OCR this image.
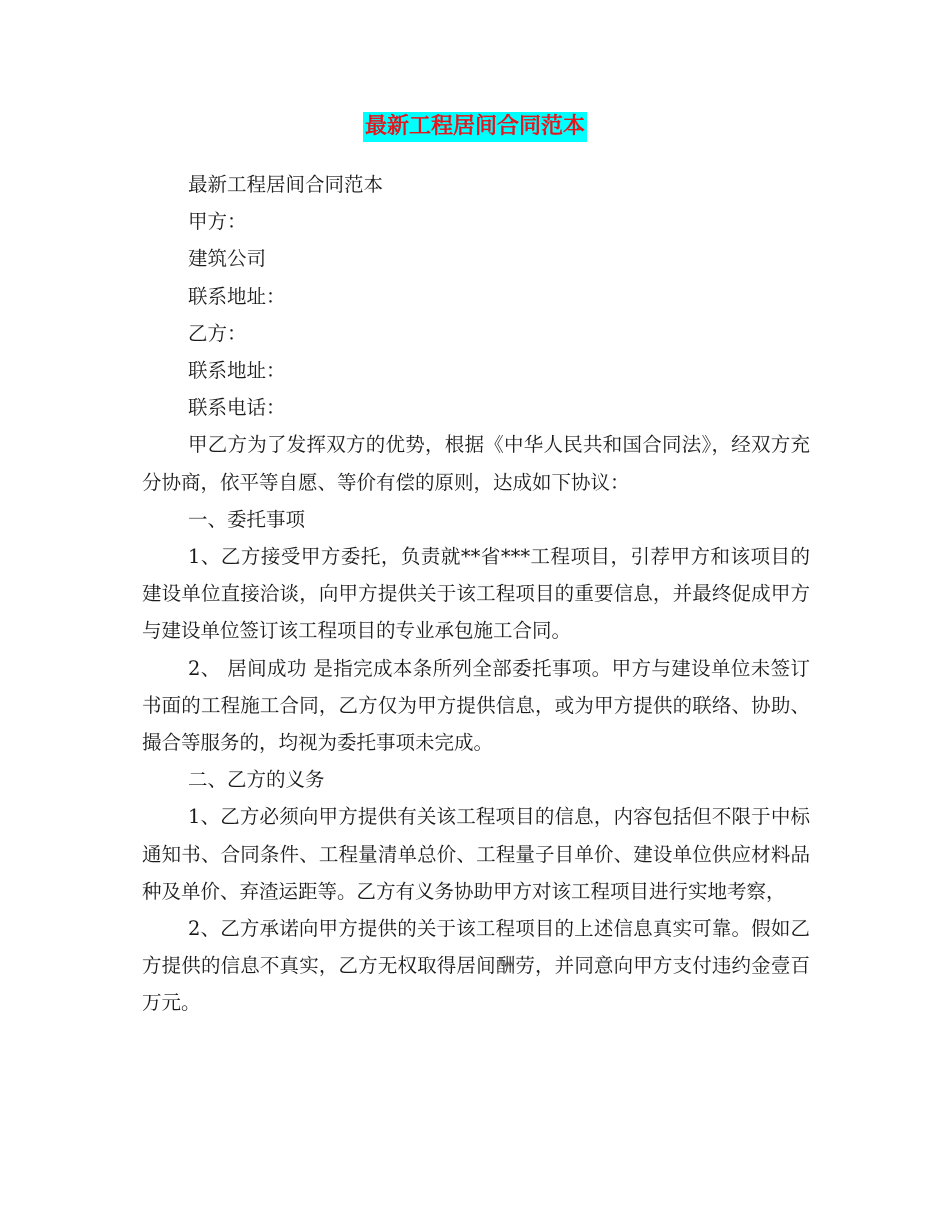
最新工程居间合同范本

最新工程居间合同范本

甲方：

建筑公司

联系地址：

乙方：

联系地址：

联系电话：

甲乙方为了发挥双方的优势，根据《中华人民共和国合同法》，经双方充分协商，依平等自愿、等价有偿的原则，达成如下协议：

一、委托事项

1、乙方接受甲方委托，负责就**省***工程项目，引荐甲方和该项目的建设单位直接洽谈，向甲方提供关于该工程项目的重要信息，并最终促成甲方与建设单位签订该工程项目的专业承包施工合同。

2、 居间成功 是指完成本条所列全部委托事项。甲方与建设单位未签订书面的工程施工合同，乙方仅为甲方提供信息，或为甲方提供的联络、协助、撮合等服务的，均视为委托事项未完成。

二、乙方的义务

1、乙方必须向甲方提供有关该工程项目的信息，内容包括但不限于中标通知书、合同条件、工程量清单总价、工程量子目单价、建设单位供应材料品种及单价、弃渣运距等。乙方有义务协助甲方对该工程项目进行实地考察，

2、乙方承诺向甲方提供的关于该工程项目的上述信息真实可靠。假如乙方提供的信息不真实，乙方无权取得居间酬劳，并同意向甲方支付违约金壹百万元。
